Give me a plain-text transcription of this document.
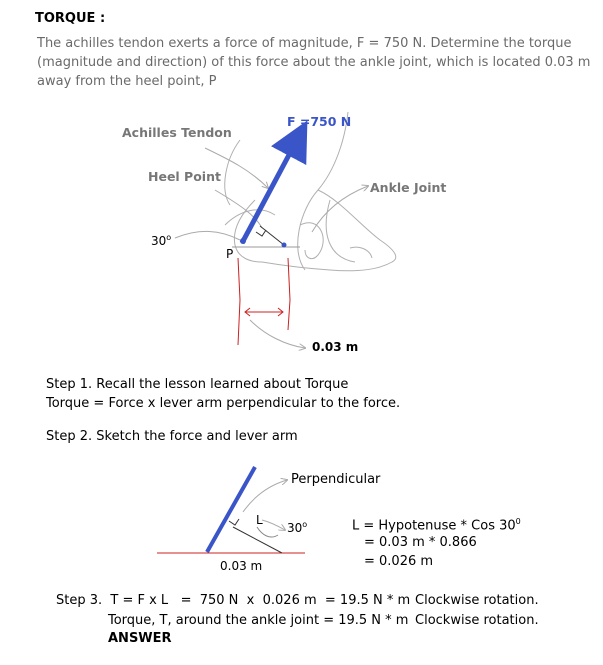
TORQUE :
The achilles tendon exerts a force of magnitude, F = 750 N. Determine the torque
(magnitude and direction) of this force about the ankle joint, which is located 0.03 m
away from the heel point, P
F =750 N
Achilles Tendon
Heel Point
Ankle Joint
30$^o$
P
0.03 m
Step 1. Recall the lesson learned about Torque
Torque = Force x lever arm perpendicular to the force.
Step 2. Sketch the force and lever arm
Perpendicular
L
30$^o$
0.03 m
L = Hypotenuse * Cos $30^0$
= 0.03 m * 0.866
= 0.026 m
Step 3.  T = F x L   =  750 N  x  0.026 m  = 19.5 N * m Clockwise rotation.
Torque, T, around the ankle joint = 19.5 N * m Clockwise rotation.
ANSWER
